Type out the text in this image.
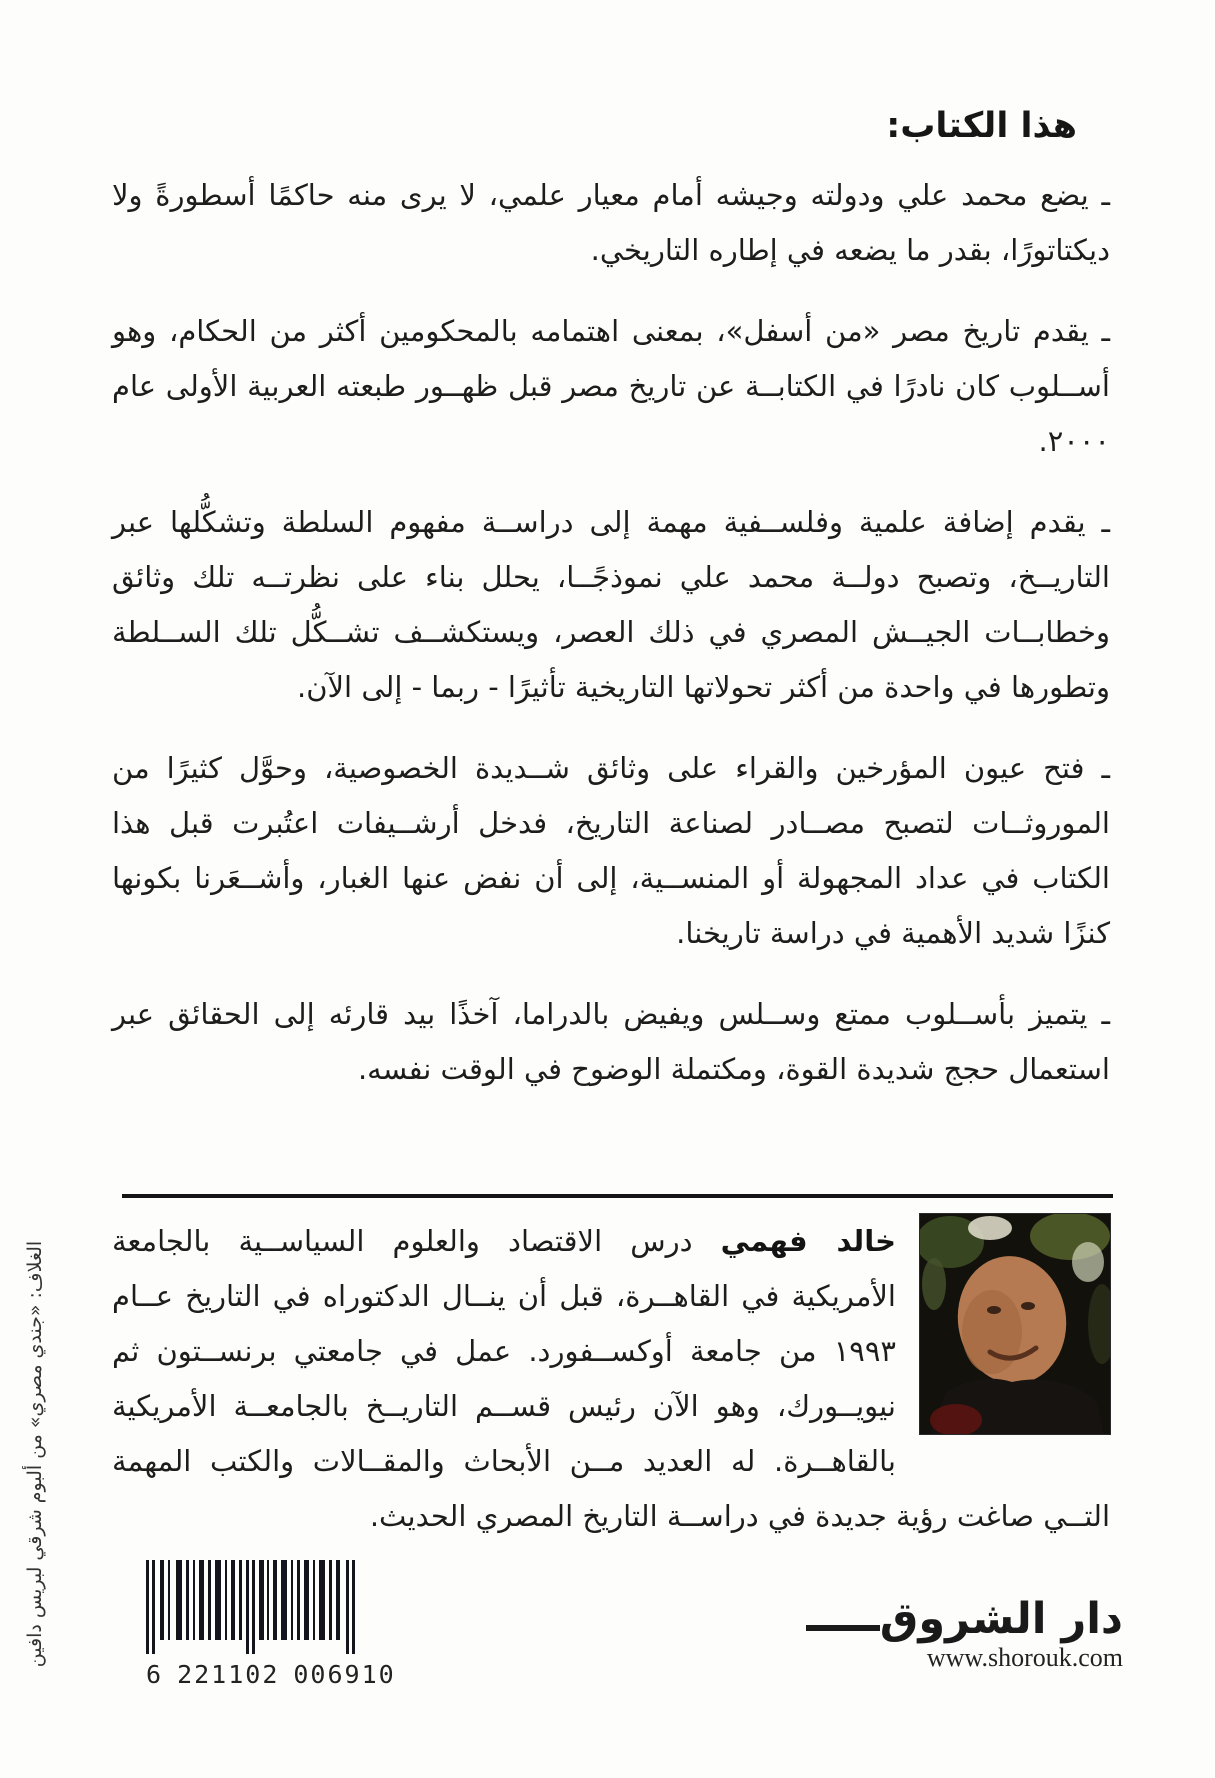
هذا الكتاب:

ـ يضع محمد علي ودولته وجيشه أمام معيار علمي، لا يرى منه حاكمًا أسطورةً ولا ديكتاتورًا، بقدر ما يضعه في إطاره التاريخي.

ـ يقدم تاريخ مصر «من أسفل»، بمعنى اهتمامه بالمحكومين أكثر من الحكام، وهو أســلوب كان نادرًا في الكتابــة عن تاريخ مصر قبل ظهــور طبعته العربية الأولى عام ٢٠٠٠.

ـ يقدم إضافة علمية وفلســفية مهمة إلى دراســة مفهوم السلطة وتشكُّلها عبر التاريــخ، وتصبح دولــة محمد علي نموذجًــا، يحلل بناء على نظرتــه تلك وثائق وخطابــات الجيــش المصري في ذلك العصر، ويستكشــف تشــكُّل تلك الســلطة وتطورها في واحدة من أكثر تحولاتها التاريخية تأثيرًا - ربما - إلى الآن.

ـ فتح عيون المؤرخين والقراء على وثائق شــديدة الخصوصية، وحوَّل كثيرًا من الموروثــات لتصبح مصــادر لصناعة التاريخ، فدخل أرشــيفات اعتُبرت قبل هذا الكتاب في عداد المجهولة أو المنســية، إلى أن نفض عنها الغبار، وأشــعَرنا بكونها كنزًا شديد الأهمية في دراسة تاريخنا.

ـ يتميز بأســلوب ممتع وســلس ويفيض بالدراما، آخذًا بيد قارئه إلى الحقائق عبر استعمال حجج شديدة القوة، ومكتملة الوضوح في الوقت نفسه.

خالد فهمي درس الاقتصاد والعلوم السياســية بالجامعة الأمريكية في القاهــرة، قبل أن ينــال الدكتوراه في التاريخ عــام ١٩٩٣ من جامعة أوكســفورد. عمل في جامعتي برنســتون ثم نيويــورك، وهو الآن رئيس قســم التاريــخ بالجامعــة الأمريكية بالقاهــرة. له العديد مــن الأبحاث والمقــالات والكتب المهمة التــي صاغت رؤية جديدة في دراســة التاريخ المصري الحديث.
6 221102 006910
دار الشروق
www.shorouk.com
الغلاف: «جندي مصري» من ألبوم شرقي لبريس دافين
